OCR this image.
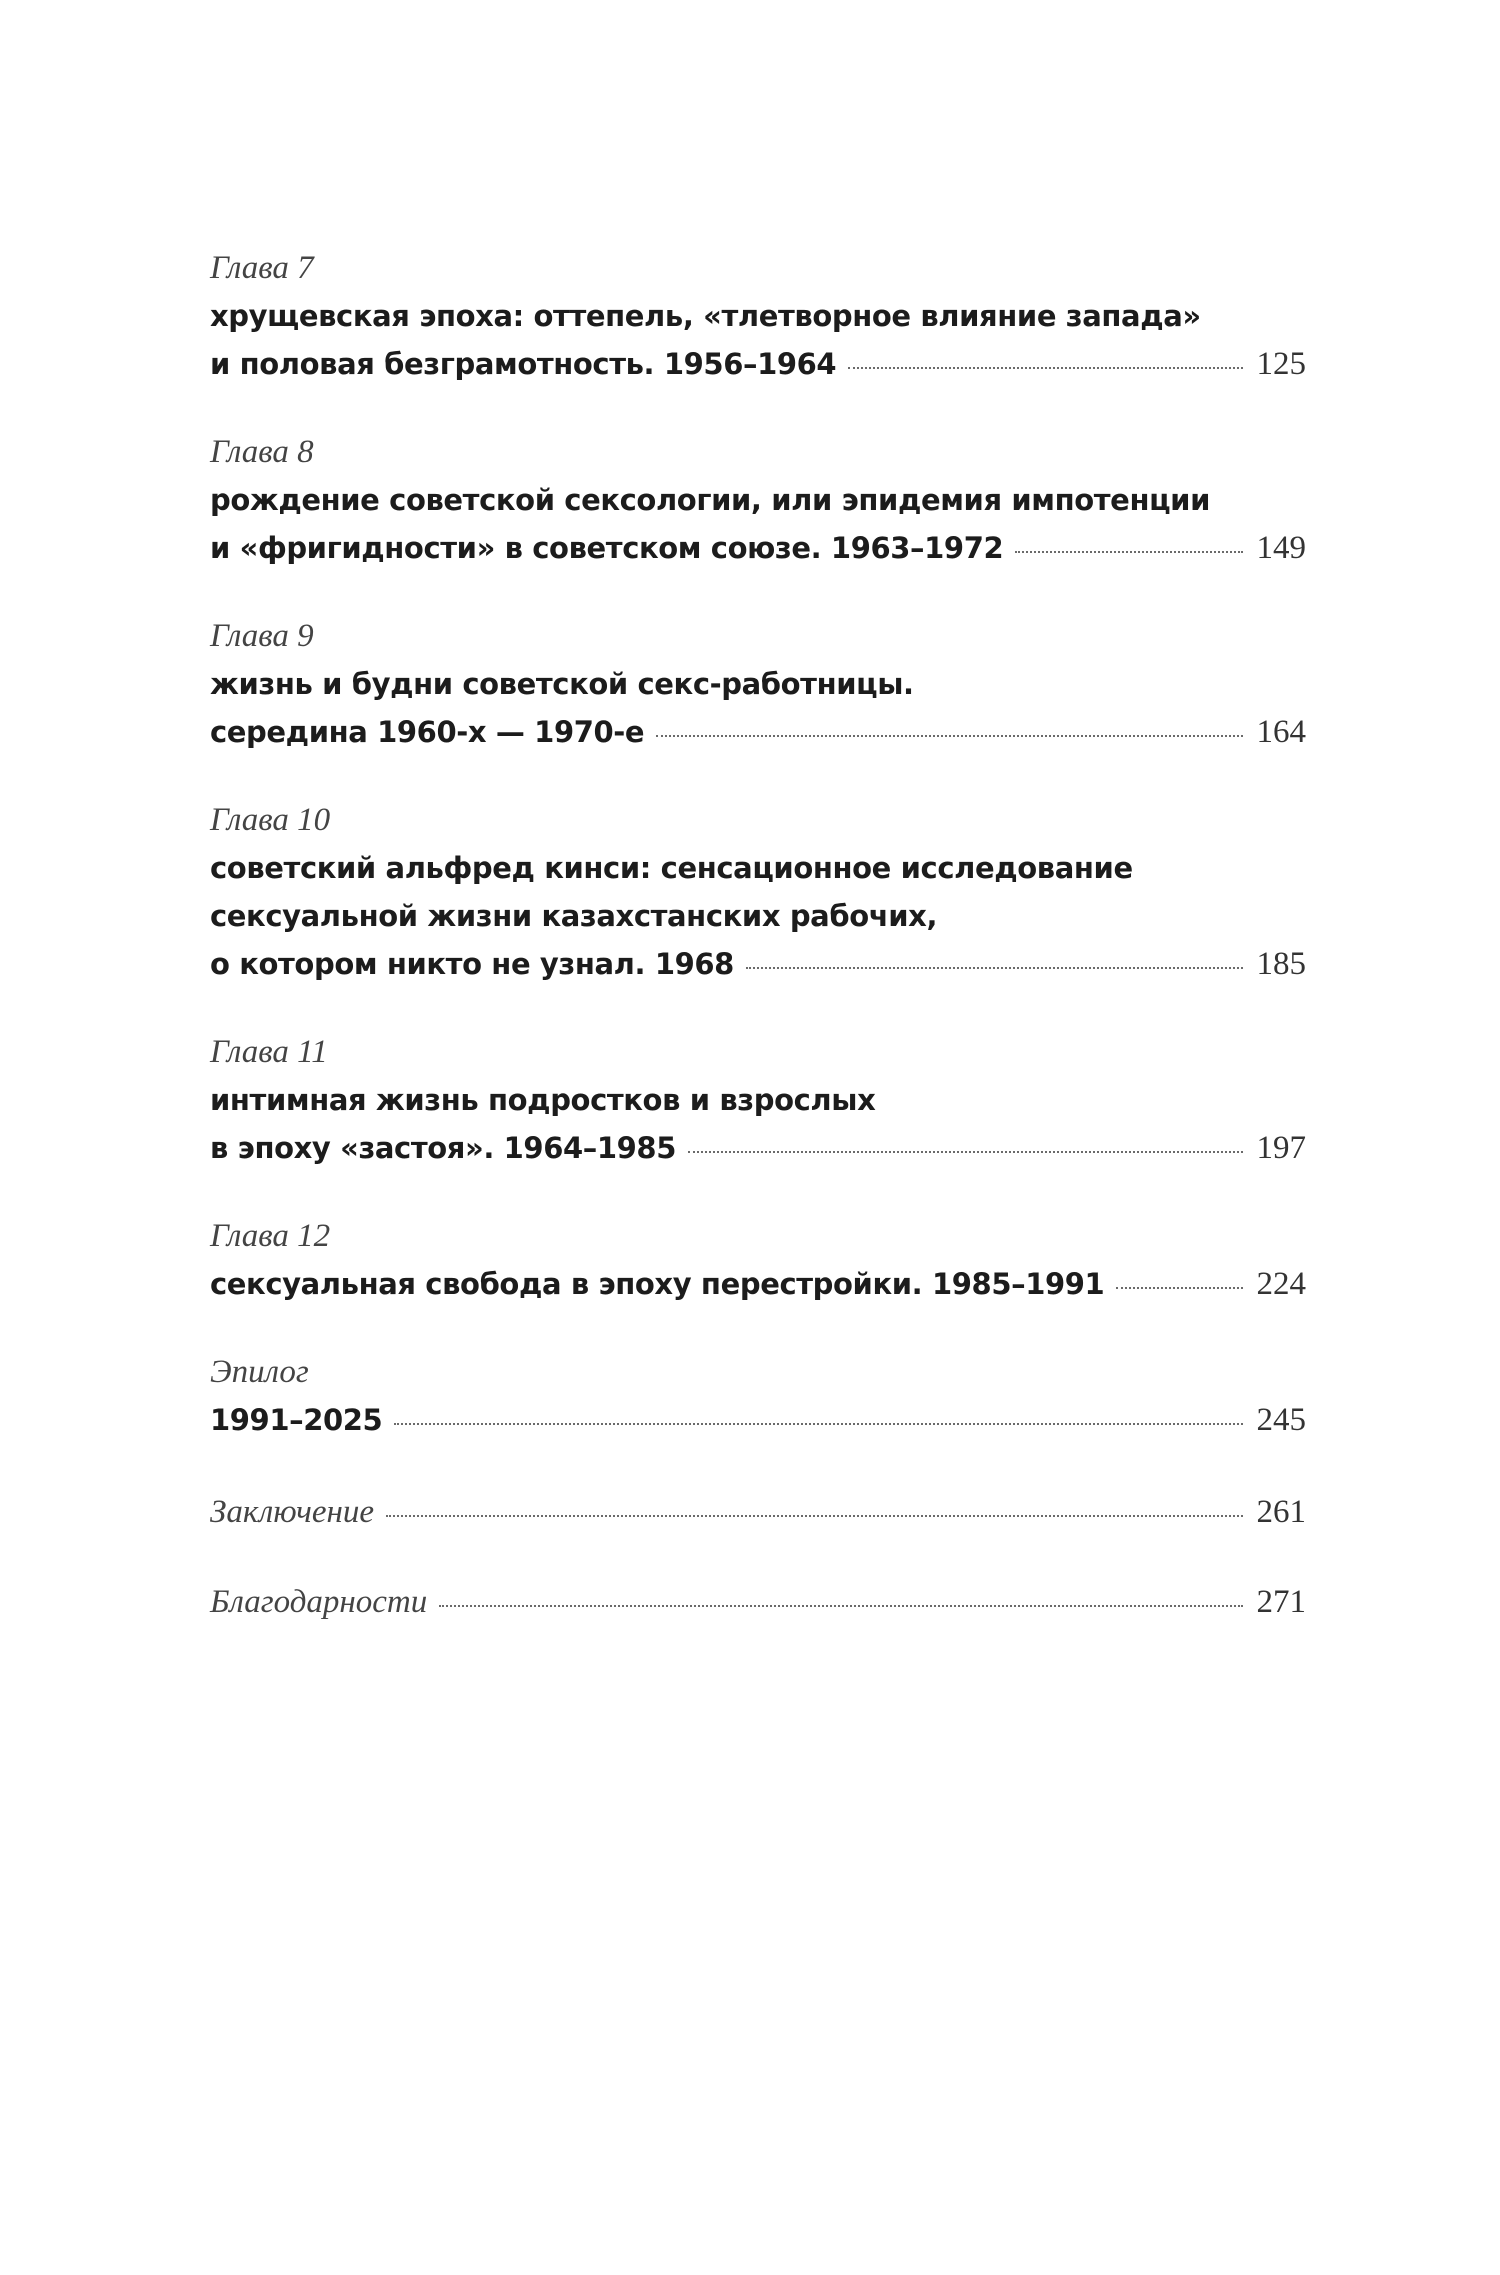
Глава 7
хрущевская эпоха: оттепель, «тлетворное влияние запада»
и половая безграмотность. 1956–1964	125
Глава 8
рождение советской сексологии, или эпидемия импотенции
и «фригидности» в советском союзе. 1963–1972	149
Глава 9
жизнь и будни советской секс-работницы.
середина 1960-х — 1970-е	164
Глава 10
советский альфред кинси: сенсационное исследование
сексуальной жизни казахстанских рабочих,
о котором никто не узнал. 1968	185
Глава 11
интимная жизнь подростков и взрослых
в эпоху «застоя». 1964–1985	197
Глава 12
сексуальная свобода в эпоху перестройки. 1985–1991	224
Эпилог
1991–2025	245
Заключение	261
Благодарности	271
